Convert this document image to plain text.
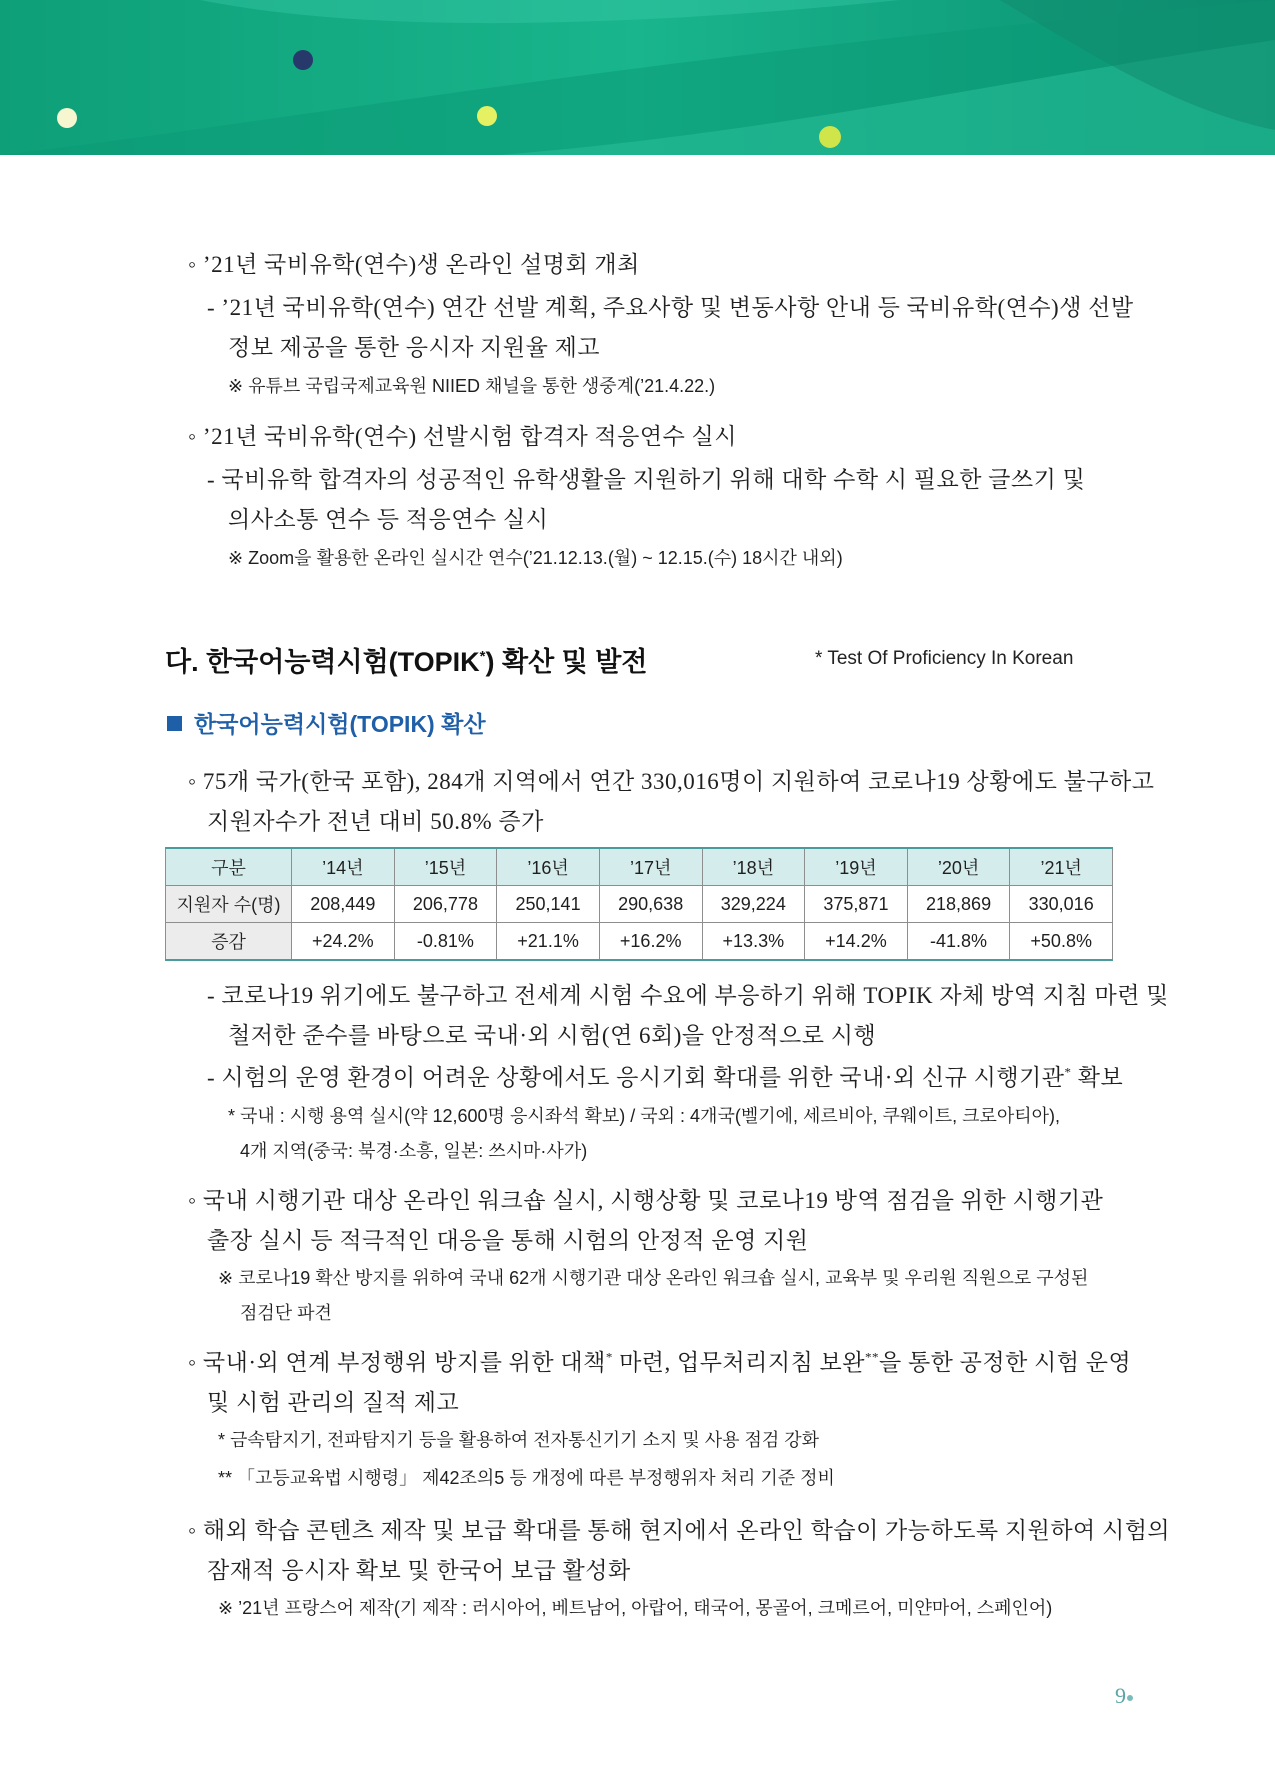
◦ ’21년 국비유학(연수)생 온라인 설명회 개최
- ’21년 국비유학(연수) 연간 선발 계획, 주요사항 및 변동사항 안내 등 국비유학(연수)생 선발
정보 제공을 통한 응시자 지원율 제고
※ 유튜브 국립국제교육원 NIIED 채널을 통한 생중계(’21.4.22.)
◦ ’21년 국비유학(연수) 선발시험 합격자 적응연수 실시
- 국비유학 합격자의 성공적인 유학생활을 지원하기 위해 대학 수학 시 필요한 글쓰기 및
의사소통 연수 등 적응연수 실시
※ Zoom을 활용한 온라인 실시간 연수(’21.12.13.(월) ~ 12.15.(수) 18시간 내외)
다. 한국어능력시험(TOPIK*) 확산 및 발전	* Test Of Proficiency In Korean
한국어능력시험(TOPIK) 확산
◦ 75개 국가(한국 포함), 284개 지역에서 연간 330,016명이 지원하여 코로나19 상황에도 불구하고
지원자수가 전년 대비 50.8% 증가
구분	’14년	’15년	’16년	’17년	’18년	’19년	’20년	’21년
지원자 수(명)	208,449	206,778	250,141	290,638	329,224	375,871	218,869	330,016
증감	+24.2%	-0.81%	+21.1%	+16.2%	+13.3%	+14.2%	-41.8%	+50.8%
- 코로나19 위기에도 불구하고 전세계 시험 수요에 부응하기 위해 TOPIK 자체 방역 지침 마련 및
철저한 준수를 바탕으로 국내·외 시험(연 6회)을 안정적으로 시행
- 시험의 운영 환경이 어려운 상황에서도 응시기회 확대를 위한 국내·외 신규 시행기관* 확보
* 국내 : 시행 용역 실시(약 12,600명 응시좌석 확보) / 국외 : 4개국(벨기에, 세르비아, 쿠웨이트, 크로아티아),
4개 지역(중국: 북경·소흥, 일본: 쓰시마·사가)
◦ 국내 시행기관 대상 온라인 워크숍 실시, 시행상황 및 코로나19 방역 점검을 위한 시행기관
출장 실시 등 적극적인 대응을 통해 시험의 안정적 운영 지원
※ 코로나19 확산 방지를 위하여 국내 62개 시행기관 대상 온라인 워크숍 실시, 교육부 및 우리원 직원으로 구성된
점검단 파견
◦ 국내·외 연계 부정행위 방지를 위한 대책* 마련, 업무처리지침 보완**을 통한 공정한 시험 운영
및 시험 관리의 질적 제고
* 금속탐지기, 전파탐지기 등을 활용하여 전자통신기기 소지 및 사용 점검 강화
** 「고등교육법 시행령」 제42조의5 등 개정에 따른 부정행위자 처리 기준 정비
◦ 해외 학습 콘텐츠 제작 및 보급 확대를 통해 현지에서 온라인 학습이 가능하도록 지원하여 시험의
잠재적 응시자 확보 및 한국어 보급 활성화
※ ’21년 프랑스어 제작(기 제작 : 러시아어, 베트남어, 아랍어, 태국어, 몽골어, 크메르어, 미얀마어, 스페인어)
9
